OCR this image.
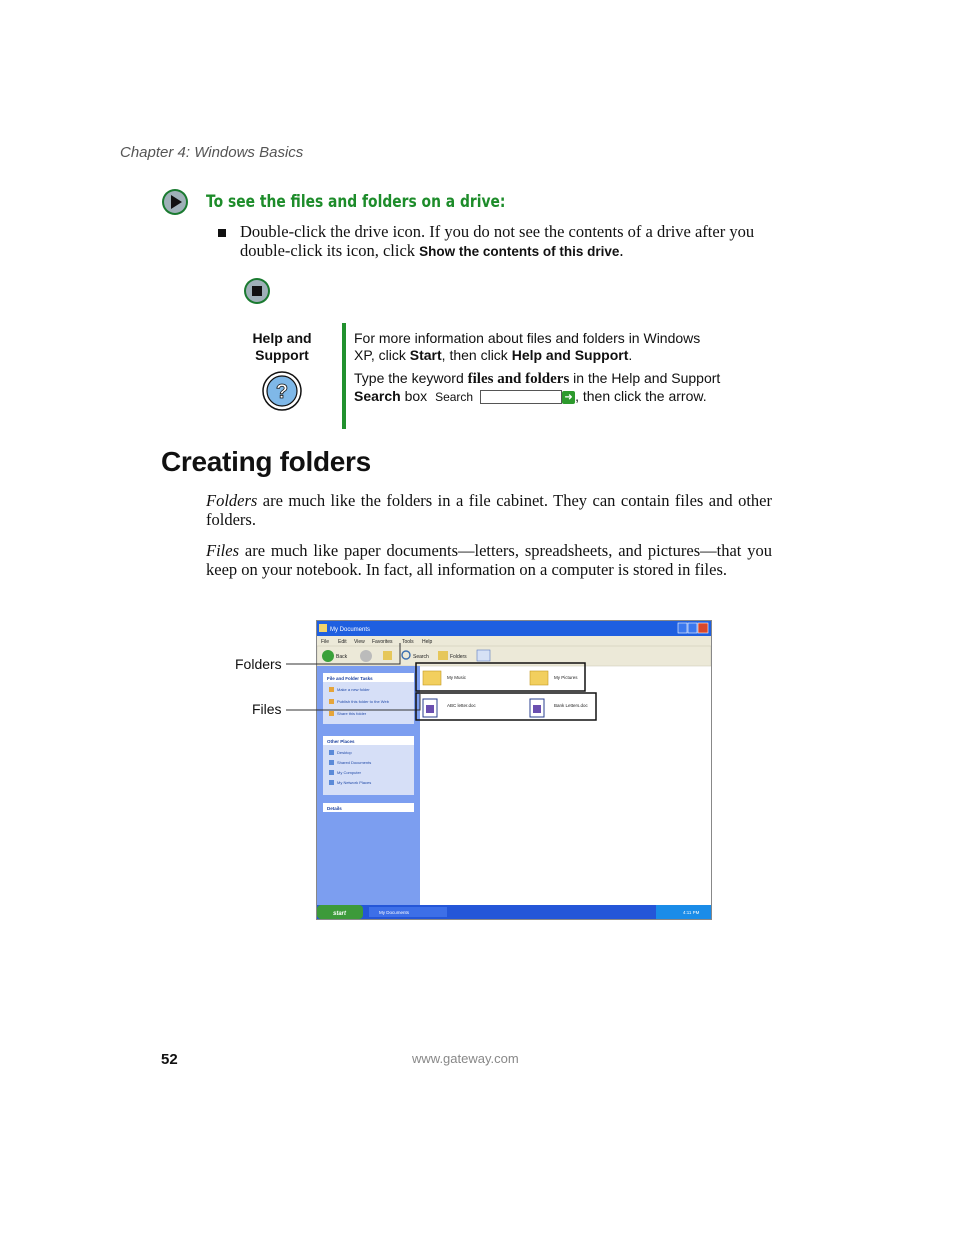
Chapter 4: Windows Basics
To see the files and folders on a drive:
Double-click the drive icon. If you do not see the contents of a drive after you double-click its icon, click Show the contents of this drive.
Help and
Support
?

For more information about files and folders in Windows XP, click Start, then click Help and Support.

Type the keyword files and folders in the Help and Support Search box Search	➜ , then click the arrow.

Creating folders

Folders are much like the folders in a file cabinet. They can contain files and other folders.

Files are much like paper documents—letters, spreadsheets, and pictures—that you keep on your notebook. In fact, all information on a computer is stored in files.

My Documents
File Edit View Favorites Tools Help
Back	Search	Folders
File and Folder Tasks
Make a new folder
Publish this folder to the Web
Share this folder
Other Places
Desktop
Shared Documents
My Computer
My Network Places
Details
My Music	My Pictures
ABC letter.doc	Bank Letters.doc
start	My Documents	4:11 PM
Folders
Files
52	www.gateway.com
